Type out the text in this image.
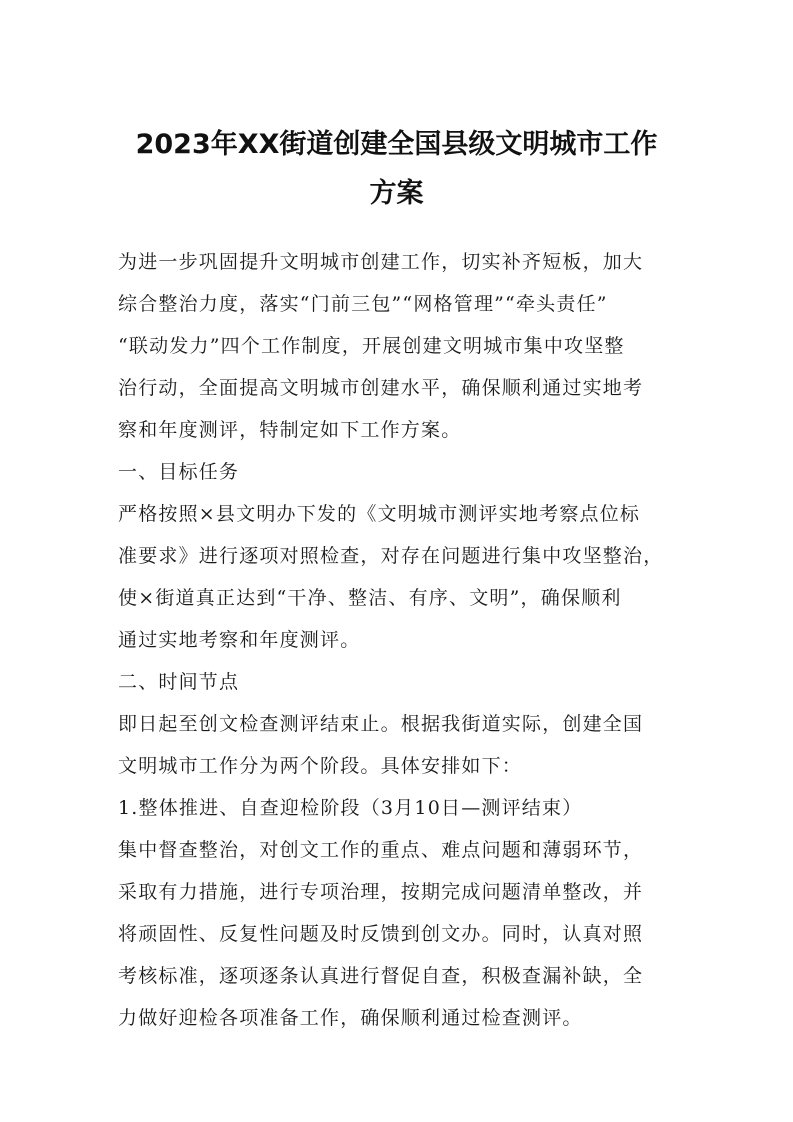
2023年XX街道创建全国县级文明城市工作
方案
为进一步巩固提升文明城市创建工作，切实补齐短板，加大
综合整治力度，落实“门前三包”“网格管理”“牵头责任”
“联动发力”四个工作制度，开展创建文明城市集中攻坚整
治行动，全面提高文明城市创建水平，确保顺利通过实地考
察和年度测评，特制定如下工作方案。
一、目标任务
严格按照×县文明办下发的《文明城市测评实地考察点位标
准要求》进行逐项对照检查，对存在问题进行集中攻坚整治，
使×街道真正达到“干净、整洁、有序、文明”，确保顺利
通过实地考察和年度测评。
二、时间节点
即日起至创文检查测评结束止。根据我街道实际，创建全国
文明城市工作分为两个阶段。具体安排如下：
1.整体推进、自查迎检阶段（3月10日—测评结束）
集中督查整治，对创文工作的重点、难点问题和薄弱环节，
采取有力措施，进行专项治理，按期完成问题清单整改，并
将顽固性、反复性问题及时反馈到创文办。同时，认真对照
考核标准，逐项逐条认真进行督促自查，积极查漏补缺，全
力做好迎检各项准备工作，确保顺利通过检查测评。
